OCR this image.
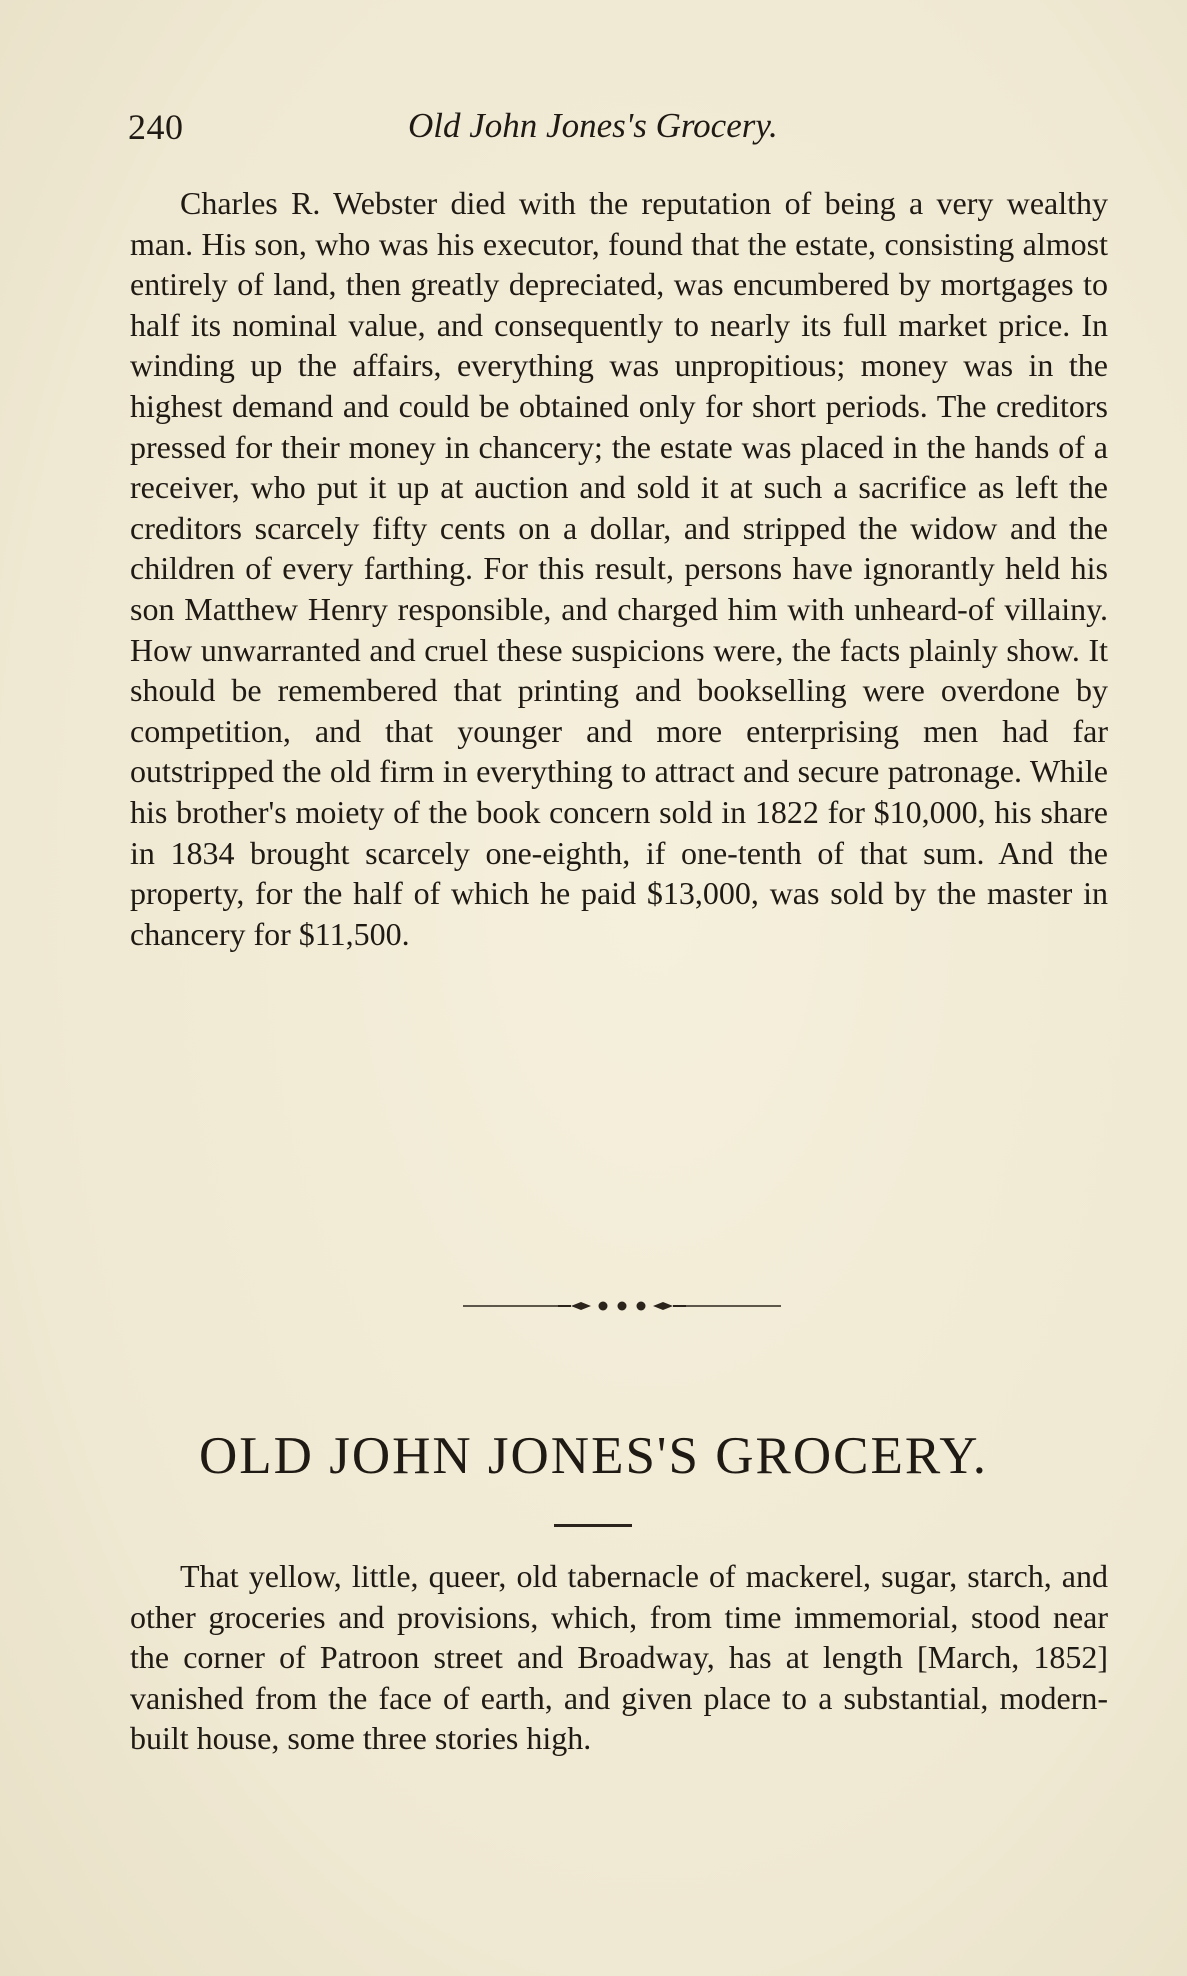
240	Old John Jones's Grocery.

Charles R. Webster died with the reputation of being a very wealthy man. His son, who was his executor, found that the estate, consisting almost entirely of land, then greatly depreciated, was encumbered by mortgages to half its nominal value, and consequently to nearly its full market price. In winding up the affairs, everything was unpropitious; money was in the highest demand and could be obtained only for short periods. The creditors pressed for their money in chancery; the estate was placed in the hands of a receiver, who put it up at auction and sold it at such a sacrifice as left the creditors scarcely fifty cents on a dollar, and stripped the widow and the children of every farthing. For this result, persons have ignorantly held his son Matthew Henry responsible, and charged him with unheard-of villainy. How unwarranted and cruel these suspicions were, the facts plainly show. It should be remembered that printing and bookselling were overdone by competition, and that younger and more enterprising men had far outstripped the old firm in everything to attract and secure patronage. While his brother's moiety of the book concern sold in 1822 for $10,000, his share in 1834 brought scarcely one-eighth, if one-tenth of that sum. And the property, for the half of which he paid $13,000, was sold by the master in chancery for $11,500.

OLD JOHN JONES'S GROCERY.

That yellow, little, queer, old tabernacle of mackerel, sugar, starch, and other groceries and provisions, which, from time immemorial, stood near the corner of Patroon street and Broadway, has at length [March, 1852] vanished from the face of earth, and given place to a substantial, modern-built house, some three stories high.
